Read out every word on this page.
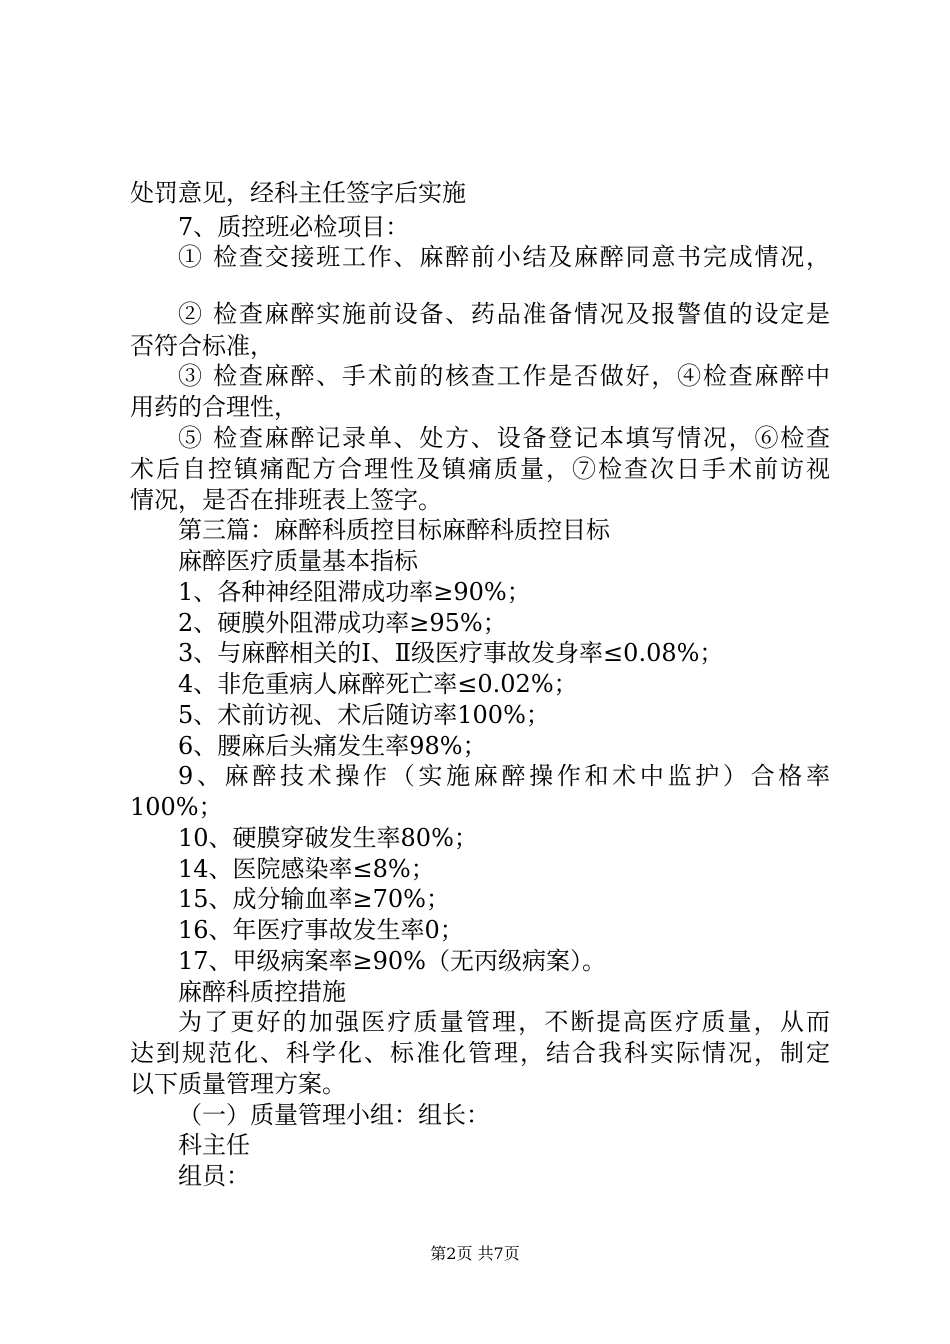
处罚意见，经科主任签字后实施
7、质控班必检项目：
① 检查交接班工作、麻醉前小结及麻醉同意书完成情况，
② 检查麻醉实施前设备、药品准备情况及报警值的设定是
否符合标准，
③ 检查麻醉、手术前的核查工作是否做好，④检查麻醉中
用药的合理性，
⑤ 检查麻醉记录单、处方、设备登记本填写情况，⑥检查
术后自控镇痛配方合理性及镇痛质量，⑦检查次日手术前访视
情况，是否在排班表上签字。
第三篇：麻醉科质控目标麻醉科质控目标
麻醉医疗质量基本指标
1、各种神经阻滞成功率≥90%；
2、硬膜外阻滞成功率≥95%；
3、与麻醉相关的Ⅰ、Ⅱ级医疗事故发身率≤0.08%；
4、非危重病人麻醉死亡率≤0.02%；
5、术前访视、术后随访率100%；
6、腰麻后头痛发生率98%；
9、麻醉技术操作（实施麻醉操作和术中监护）合格率
100%；
10、硬膜穿破发生率80%；
14、医院感染率≤8%；
15、成分输血率≥70%；
16、年医疗事故发生率0；
17、甲级病案率≥90%（无丙级病案）。
麻醉科质控措施
为了更好的加强医疗质量管理，不断提高医疗质量，从而
达到规范化、科学化、标准化管理，结合我科实际情况，制定
以下质量管理方案。
（一）质量管理小组：组长：
科主任
组员：
第2页 共7页
